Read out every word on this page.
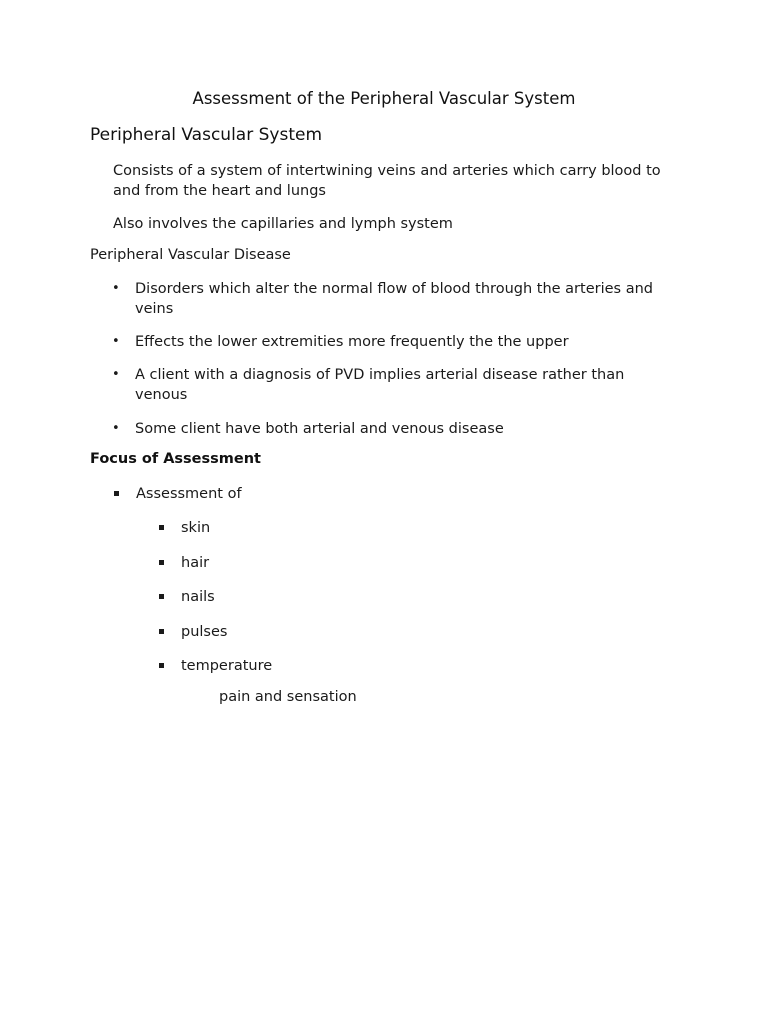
Assessment of the Peripheral Vascular System
Peripheral Vascular System
Consists of a system of intertwining veins and arteries which carry blood to and from the heart and lungs
Also involves the capillaries and lymph system
Peripheral Vascular Disease
•	Disorders which alter the normal flow of blood through the arteries and veins
•	Effects the lower extremities more frequently the the upper
•	A client with a diagnosis of PVD implies arterial disease rather than venous
•	Some client have both arterial and venous disease
Focus of Assessment
Assessment of
skin
hair
nails
pulses
temperature
pain and sensation
